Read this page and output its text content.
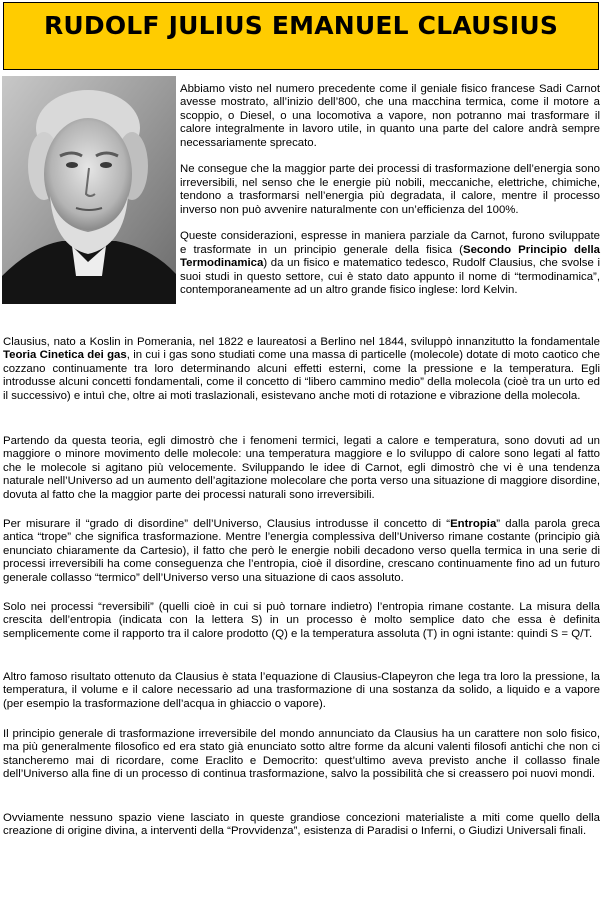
RUDOLF JULIUS EMANUEL CLAUSIUS

Abbiamo visto nel numero precedente come il geniale fisico francese Sadi Carnot avesse mostrato, all’inizio dell’800, che una macchina termica, come il motore a scoppio, o Diesel, o una locomotiva a vapore, non potranno mai trasformare il calore integralmente in lavoro utile, in quanto una parte del calore andrà sempre necessariamente sprecato.

Ne consegue che la maggior parte dei processi di trasformazione dell’energia sono irreversibili, nel senso che le energie più nobili, meccaniche, elettriche, chimiche, tendono a trasformarsi nell’energia più degradata, il calore, mentre il processo inverso non può avvenire naturalmente con un’efficienza del 100%.

Queste considerazioni, espresse in maniera parziale da Carnot, furono sviluppate e trasformate in un principio generale della fisica (Secondo Principio della Termodinamica) da un fisico e matematico tedesco, Rudolf Clausius, che svolse i suoi studi in questo settore, cui è stato dato appunto il nome di “termodinamica”, contemporaneamente ad un altro grande fisico inglese: lord Kelvin.

Clausius, nato a Koslin in Pomerania, nel 1822 e laureatosi a Berlino nel 1844, sviluppò innanzitutto la fondamentale Teoria Cinetica dei gas, in cui i gas sono studiati come una massa di particelle (molecole) dotate di moto caotico che cozzano continuamente tra loro determinando alcuni effetti esterni, come la pressione e la temperatura. Egli introdusse alcuni concetti fondamentali, come il concetto di “libero cammino medio” della molecola (cioè tra un urto ed il successivo) e intuì che, oltre ai moti traslazionali, esistevano anche moti di rotazione e vibrazione della molecola.

Partendo da questa teoria, egli dimostrò che i fenomeni termici, legati a calore e temperatura, sono dovuti ad un maggiore o minore movimento delle molecole: una temperatura maggiore e lo sviluppo di calore sono legati al fatto che le molecole si agitano più velocemente. Sviluppando le idee di Carnot, egli dimostrò che vi è una tendenza naturale nell’Universo ad un aumento dell’agitazione molecolare che porta verso una situazione di maggiore disordine, dovuta al fatto che la maggior parte dei processi naturali sono irreversibili.

Per misurare il “grado di disordine” dell’Universo, Clausius introdusse il concetto di “Entropia” dalla parola greca antica “trope” che significa trasformazione. Mentre l’energia complessiva dell’Universo rimane costante (principio già enunciato chiaramente da Cartesio), il fatto che però le energie nobili decadono verso quella termica in una serie di processi irreversibili ha come conseguenza che l’entropia, cioè il disordine, crescano continuamente fino ad un futuro generale collasso “termico” dell’Universo verso una situazione di caos assoluto.

Solo nei processi “reversibili” (quelli cioè in cui si può tornare indietro) l’entropia rimane costante. La misura della crescita dell’entropia (indicata con la lettera S) in un processo è molto semplice dato che essa è definita semplicemente come il rapporto tra il calore prodotto (Q) e la temperatura assoluta (T) in ogni istante: quindi S = Q/T.

Altro famoso risultato ottenuto da Clausius è stata l’equazione di Clausius-Clapeyron che lega tra loro la pressione, la temperatura, il volume e il calore necessario ad una trasformazione di una sostanza da solido, a liquido e a vapore (per esempio la trasformazione dell’acqua in ghiaccio o vapore).

Il principio generale di trasformazione irreversibile del mondo annunciato da Clausius ha un carattere non solo fisico, ma più generalmente filosofico ed era stato già enunciato sotto altre forme da alcuni valenti filosofi antichi che non ci stancheremo mai di ricordare, come Eraclito e Democrito: quest’ultimo aveva previsto anche il collasso finale dell’Universo alla fine di un processo di continua trasformazione, salvo la possibilità che si creassero poi nuovi mondi.

Ovviamente nessuno spazio viene lasciato in queste grandiose concezioni materialiste a miti come quello della creazione di origine divina, a interventi della “Provvidenza”, esistenza di Paradisi o Inferni, o Giudizi Universali finali.
